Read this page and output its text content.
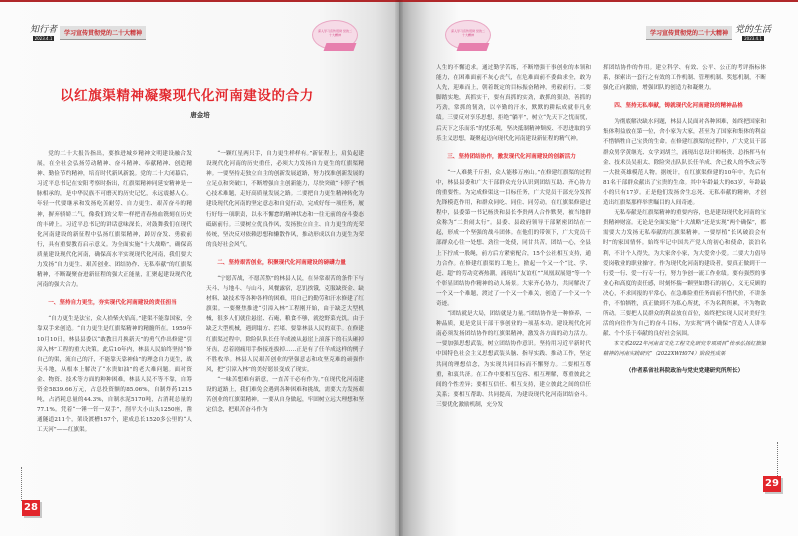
知行者
2023.4.1
学习宣传贯彻党的二十大精神	深入学习宣传贯彻 党的二十大精神
以红旗渠精神凝聚现代化河南建设的合力
唐金培

党的二十大报告指出，要推进城乡精神文明建设融合发展，在全社会弘扬劳动精神、奋斗精神、奉献精神、创造精神、勤俭节约精神，培育时代新风新貌。党的二十大闭幕后，习近平总书记在安阳考察时指出，红旗渠精神同延安精神是一脉相承的，是中华民族不可磨灭的历史记忆，永远震撼人心。年轻一代要继承和发扬吃苦耐劳、自力更生、艰苦奋斗的精神，摒弃骄娇二气，像我们的父辈一样把青春热血镌刻在历史的丰碑上。习近平总书记的讲话意味深长，对鼓舞我们在现代化河南建设的新征程中弘扬红旗渠精神，踔厉奋发、勇毅前行，具有重要教育启示意义。为全面实施“十大战略”，确保高质量建设现代化河南，确保高水平实现现代化河南，我们要大力发扬“自力更生、艰苦创业、团结协作、无私奉献”的红旗渠精神，不断凝聚奋进新征程的强大正能量，汇聚起建设现代化河南的强大合力。

一、坚持自力更生，夯实现代化河南建设的责任担当

“自力更生是法宝，众人拾柴火焰高。”建渠不能靠国家，全靠双手来创造。“自力更生是红旗渠精神的精髓所在。1959年10月10日，林县县委以“敢教日月换新天”的勇气作出修建“引漳入林”工程的重大决策。此后10年内，林县人民始终坚持“修自己的渠，流自己的汗，不能靠天靠神仙”的理念自力更生，战天斗地，从根本上解决了“水贵如油”的老大难问题。面对资金、物资、技术等方面的种种困难，林县人民不等不靠，自筹资金5839.66万元，占总投资额的85.06%，自制炸药1215吨，占消耗总量的44.3%，自制水泥5170吨，占消耗总量的77.1%。凭着“一锤一钎一双手”，削平大小山头1250座，凿通隧道211个，架设渡槽157个，建成总长1520多公里的“人工天河”——红旗渠。

“一颗红星两只手，自力更生样样有。”新征程上，肩负起建设现代化河南的历史重任，必须大力发扬自力更生的红旗渠精神。一要坚持走独立自主的创新发展道路，努力找准创新发展的立足点和突破口，不断增强自主创新能力，尽快突破“卡脖子”核心技术难题，走好高质量发展之路。二要把自力更生精神转化为建设现代化河南的坚定意志和自觉行动，完成好每一项任务，履行好每一项职责，以永不懈怠的精神状态和一往无前的奋斗姿态砥砺前行。三要树立优良作风，发扬独立自主、自力更生的光荣传统，坚决反对依赖思想和懒散作风，推动形成以自力更生为荣的良好社会风气。

二、坚持艰苦创业，积聚现代化河南建设的磅礴力量

“宁愿苦战，不愿苦熬”的林县人民，在异常艰苦的条件下与天斗、与地斗、与山斗，风餐露宿，忍饥挨饿，克服缺资金、缺材料、缺技术等各种各样的困难，用自己的勤劳和汗水修建了红旗渠。一要聚焦推进“引漳入林”工程刚开始，由于缺乏大型机械，很多人们就住悬崖、石庵，粮食不够，就挖野菜充饥。由于缺乏大型机械，遇到塌方、拦堵、要靠林县人民的双手。在修建红旗渠过程中，除险队队长任羊成被从悬崖上滚落下的石头砸掉牙齿，忍着剧痛用手指接连拔掉……正是有了任羊成这样的例子不胜枚举。林县人民艰苦创业的坚强意志和攻坚克难的顽强作风，把“引漳入林”的美好愿景变成了现实。

“一味苦想难有新意，一直苦干必有作为。”在现代化河南建设的道路上，我们难免会遇到各种困难和挑战，需要大力发扬艰苦创业的红旗渠精神。一要从自身做起，牢固树立远大理想和坚定信念，把艰苦奋斗作为

28
深入学习宣传贯彻 党的二十大精神	学习宣传贯彻党的二十大精神 党的生活
2023.4.1

人生的不懈追求。通过勤学苦练，不断增强干事创业的本领和能力，在困难面前不灰心丧气，在危难面前不委曲求全，敢为人先，迎难而上，朝着既定的目标振奋精神，勇毅前行。二要脚踏实地，真抓实干，要有真抓的实劲，敢抓的狠劲，善抓的巧劲，常抓的韧劲，以辛勤的汗水，默默的耕耘成就非凡业绩。三要反对享乐思想，拒绝“躺平”，树立“先天下之忧而忧，后天下之乐而乐”的忧乐观，坚决抵制精神颓废、不思进取的享乐主义思想，凝聚起迈向现代化河南建设新征程的精气神。

三、坚持团结协作，激发现代化河南建设的创新活力

“一人难挑千斤担，众人能移万座山。”在修建红旗渠的过程中，林县县委和广大干部群众充分认识到团结互助、齐心协力的重要性。为完成修渠这一目标任务，广大党员干部充分发挥先锋模范作用，和群众同吃、同住、同劳动。在红旗渠修建过程中，县委第一书记杨贵和县长李贵两人合作默契，被当地群众称为“二贵闹太行”。县委、县政府领导干部紧密团结在一起，形成一个坚强的战斗团体。在他们的带领下，广大党员干部群众心往一处想、劲往一处使，同甘共苦，团结一心，全县上下拧成一股绳，前方后方紧密配合，15个公社相互支持，通力合作。在修建红旗渠的工地上，掀起一个又一个“比、学、赶、超”的劳动竞赛热潮，涌现出“友谊杠”“凤凰双展翅”等一个个彰显团结协作精神的动人场景。大家齐心协力，共同解决了一个又一个难题，渡过了一个又一个难关，创造了一个又一个奇迹。

“团结就是大局，团结就是力量。”团结协作是一种修养，一种品质，更是党员干部干事创业的一项基本功。建设现代化河南必须发扬团结协作的红旗渠精神，激发各方面的动力活力。一要加强思想武装，树立团结协作意识。坚持用习近平新时代中国特色社会主义思想武装头脑、指导实践、推动工作，坚定共同的理想信念，为实现共同目标而不懈努力。二要相互尊重，和衷共济。在工作中要相互包容、相互理解，尊重彼此之间的个性差异；要相互信任、相互支持，建立彼此之间的信任关系；要相互帮助、共同提高，为建设现代化河南团结奋斗。三要优化激励机制，充分发

挥团结协作的作用。建立科学、有效、公平、公正的考评指标体系，探索出一套行之有效的工作机制、管理机制、奖惩机制，不断强化正向激励，增强团队的创造力和凝聚力。

四、坚持无私奉献，铸就现代化河南建设的精神品格

为彻底解决缺水问题，林县人民面对各种困难，始终把国家和集体利益放在第一位，舍小家为大家，甚至为了国家和集体的利益不惜牺牲自己宝贵的生命。在修建红旗渠的过程中，广大党员干部群众男学黄继光、女学刘胡兰，涌现出总设计师杨贵、总指挥马有金、技术员吴祖太、除险突击队队长任羊成、舍己救人的李改云等一大批英雄模范人物。据统计，在红旗渠修建的10年中，先后有81名干部群众献出了宝贵的生命。其中年龄最大的63岁，年龄最小的只有17岁。正是他们发扬舍生忘死、无私奉献的精神，才创造出红旗渠那样举世瞩目的人间奇迹。

无私奉献是红旗渠精神的重要内容，也是建设现代化河南的宝贵精神财富。无论是全面实施“十大战略”还是实现“两个确保”，都需要大力发扬无私奉献的红旗渠精神。一要厚植“长风破浪会有时”的家国情怀。始终牢记中国共产党人的初心和使命，淡泊名利，不计个人得失，为大家舍小家，为大爱舍小爱。二要大力倡导爱岗敬业的职业操守。作为现代化河南的建设者，要真正做到干一行爱一行、爱一行专一行，努力争创一流工作业绩。要有强烈的事业心和高度的责任感，时刻怀揣一颗坚如磐石的初心，义无反顾的决心，不求回报的平常心，在急难险重任务面前不惜代价，不讲条件，不怕牺牲，真正做到不为私心所扰，不为名利所累，不为物欲所动。三要把人民群众的利益放在首位，始终把实现人民对美好生活的向往作为自己的奋斗目标，为实现“两个确保”营造人人讲奉献、个个乐于奉献的良好社会氛围。

本文系2022年河南省文化工程文化研究专项项目“传承弘扬红旗渠精神的河南实践研究”（2022XWH074）阶段性成果

（作者系省社科院政治与党史党建研究所所长）
29
